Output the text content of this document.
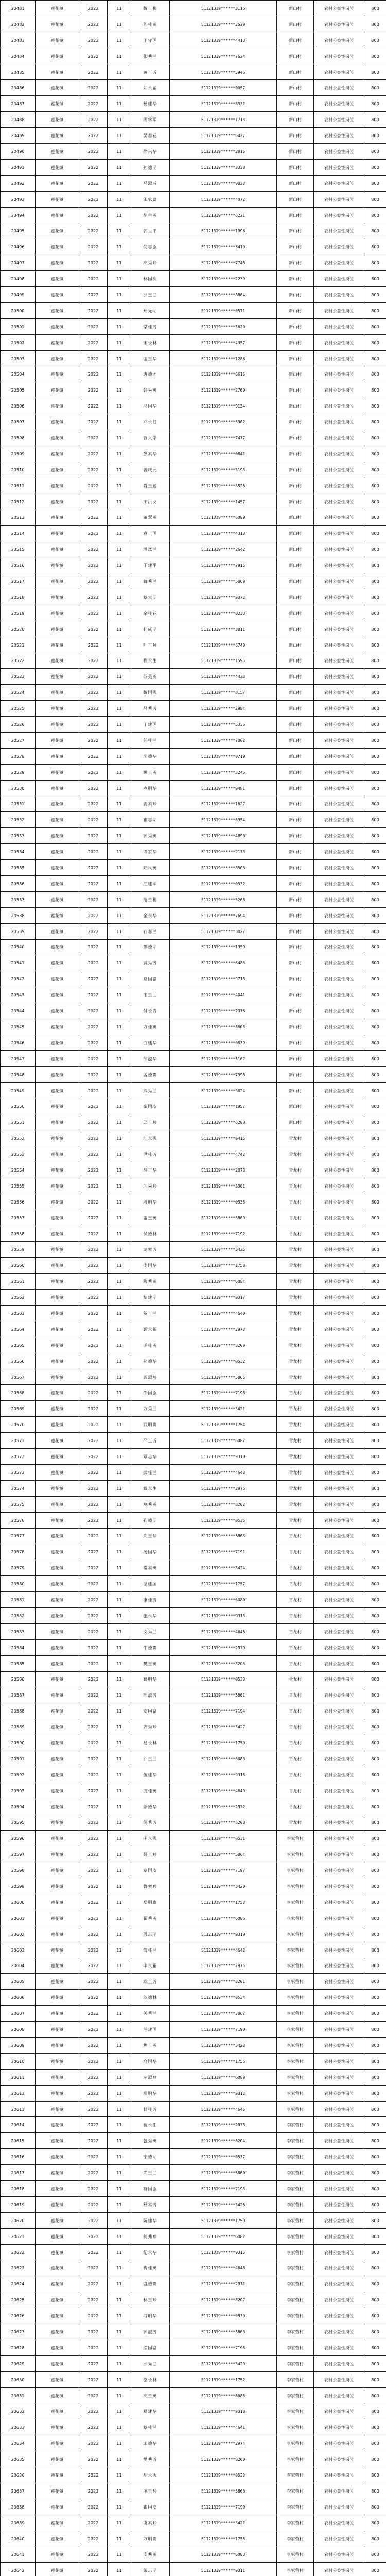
20481	莲花镇	2022	11	魏玉梅	51121319******3116	新山村	农村公益性岗位	800
20482	莲花镇	2022	11	陈桂英	51121319******2529	新山村	农村公益性岗位	800
20483	莲花镇	2022	11	王守国	51121319******4418	新山村	农村公益性岗位	800
20484	莲花镇	2022	11	张秀兰	51121319******7624	新山村	农村公益性岗位	800
20485	莲花镇	2022	11	黄玉芳	51121319******5946	新山村	农村公益性岗位	800
20486	莲花镇	2022	11	刘永福	51121319******0057	新山村	农村公益性岗位	800
20487	莲花镇	2022	11	杨建华	51121319******8332	新山村	农村公益性岗位	800
20488	莲花镇	2022	11	周学军	51121319******1713	新山村	农村公益性岗位	800
20489	莲花镇	2022	11	吴春花	51121319******6427	新山村	农村公益性岗位	800
20490	莲花镇	2022	11	徐兴华	51121319******2815	新山村	农村公益性岗位	800
20491	莲花镇	2022	11	孙德明	51121319******3338	新山村	农村公益性岗位	800
20492	莲花镇	2022	11	马淑芬	51121319******9023	新山村	农村公益性岗位	800
20493	莲花镇	2022	11	朱家富	51121319******4072	新山村	农村公益性岗位	800
20494	莲花镇	2022	11	胡兰英	51121319******6221	新山村	农村公益性岗位	800
20495	莲花镇	2022	11	郭世平	51121319******1996	新山村	农村公益性岗位	800
20496	莲花镇	2022	11	何志强	51121319******5410	新山村	农村公益性岗位	800
20497	莲花镇	2022	11	高秀珍	51121319******7748	新山村	农村公益性岗位	800
20498	莲花镇	2022	11	林国庆	51121319******2239	新山村	农村公益性岗位	800
20499	莲花镇	2022	11	罗玉兰	51121319******8864	新山村	农村公益性岗位	800
20500	莲花镇	2022	11	郑光明	51121319******0571	新山村	农村公益性岗位	800
20501	莲花镇	2022	11	梁桂芳	51121319******3620	新山村	农村公益性岗位	800
20502	莲花镇	2022	11	宋长林	51121319******4957	新山村	农村公益性岗位	800
20503	莲花镇	2022	11	谢玉华	51121319******1286	新山村	农村公益性岗位	800
20504	莲花镇	2022	11	唐德才	51121319******6615	新山村	农村公益性岗位	800
20505	莲花镇	2022	11	韩秀英	51121319******2760	新山村	农村公益性岗位	800
20506	莲花镇	2022	11	冯国华	51121319******9134	新山村	农村公益性岗位	800
20507	莲花镇	2022	11	邓永红	51121319******5302	新山村	农村公益性岗位	800
20508	莲花镇	2022	11	曹文学	51121319******7477	新山村	农村公益性岗位	800
20509	莲花镇	2022	11	彭素华	51121319******0841	新山村	农村公益性岗位	800
20510	莲花镇	2022	11	曾庆元	51121319******3193	新山村	农村公益性岗位	800
20511	莲花镇	2022	11	肖玉莲	51121319******8526	新山村	农村公益性岗位	800
20512	莲花镇	2022	11	田洪文	51121319******1457	新山村	农村公益性岗位	800
20513	莲花镇	2022	11	董翠英	51121319******6089	新山村	农村公益性岗位	800
20514	莲花镇	2022	11	袁正国	51121319******4318	新山村	农村公益性岗位	800
20515	莲花镇	2022	11	潘凤兰	51121319******2642	新山村	农村公益性岗位	800
20516	莲花镇	2022	11	于建平	51121319******7915	新山村	农村公益性岗位	800
20517	莲花镇	2022	11	蒋秀兰	51121319******5069	新山村	农村公益性岗位	800
20518	莲花镇	2022	11	蔡大明	51121319******9372	新山村	农村公益性岗位	800
20519	莲花镇	2022	11	余桂花	51121319******0238	新山村	农村公益性岗位	800
20520	莲花镇	2022	11	杜成明	51121319******3811	新山村	农村公益性岗位	800
20521	莲花镇	2022	11	叶玉珍	51121319******6740	新山村	农村公益性岗位	800
20522	莲花镇	2022	11	程永生	51121319******1595	新山村	农村公益性岗位	800
20523	莲花镇	2022	11	苏美英	51121319******4423	新山村	农村公益性岗位	800
20524	莲花镇	2022	11	魏国强	51121319******8157	新山村	农村公益性岗位	800
20525	莲花镇	2022	11	吕秀芳	51121319******2984	新山村	农村公益性岗位	800
20526	莲花镇	2022	11	丁建国	51121319******5336	新山村	农村公益性岗位	800
20527	莲花镇	2022	11	任桂兰	51121319******7062	新山村	农村公益性岗位	800
20528	莲花镇	2022	11	沈德华	51121319******0719	新山村	农村公益性岗位	800
20529	莲花镇	2022	11	姚玉英	51121319******3245	新山村	农村公益性岗位	800
20530	莲花镇	2022	11	卢明华	51121319******9481	新山村	农村公益性岗位	800
20531	莲花镇	2022	11	姜素珍	51121319******1627	新山村	农村公益性岗位	800
20532	莲花镇	2022	11	崔志明	51121319******6354	新山村	农村公益性岗位	800
20533	莲花镇	2022	11	钟秀英	51121319******4890	新山村	农村公益性岗位	800
20534	莲花镇	2022	11	谭家华	51121319******2173	新山村	农村公益性岗位	800
20535	莲花镇	2022	11	陆凤英	51121319******8506	新山村	农村公益性岗位	800
20536	莲花镇	2022	11	汪建军	51121319******0932	新山村	农村公益性岗位	800
20537	莲花镇	2022	11	范玉梅	51121319******5268	新山村	农村公益性岗位	800
20538	莲花镇	2022	11	金永华	51121319******7694	新山村	农村公益性岗位	800
20539	莲花镇	2022	11	石春兰	51121319******3027	新山村	农村公益性岗位	800
20540	莲花镇	2022	11	廖德明	51121319******1359	新山村	农村公益性岗位	800
20541	莲花镇	2022	11	贾秀芳	51121319******6485	新山村	农村公益性岗位	800
20542	莲花镇	2022	11	夏国富	51121319******9718	新山村	农村公益性岗位	800
20543	莲花镇	2022	11	韦玉兰	51121319******4041	新山村	农村公益性岗位	800
20544	莲花镇	2022	11	付长青	51121319******2376	新山村	农村公益性岗位	800
20545	莲花镇	2022	11	方桂英	51121319******8603	新山村	农村公益性岗位	800
20546	莲花镇	2022	11	白建华	51121319******0839	新山村	农村公益性岗位	800
20547	莲花镇	2022	11	邹淑华	51121319******5162	新山村	农村公益性岗位	800
20548	莲花镇	2022	11	孟德贵	51121319******7398	新山村	农村公益性岗位	800
20549	莲花镇	2022	11	熊秀兰	51121319******3624	新山村	农村公益性岗位	800
20550	莲花镇	2022	11	秦国安	51121319******1957	新山村	农村公益性岗位	800
20551	莲花镇	2022	11	邱玉珍	51121319******6280	新山村	农村公益性岗位	800
20552	莲花镇	2022	11	江永强	51121319******9415	青龙村	农村公益性岗位	800
20553	莲花镇	2022	11	尹桂芳	51121319******4742	青龙村	农村公益性岗位	800
20554	莲花镇	2022	11	薛正华	51121319******2078	青龙村	农村公益性岗位	800
20555	莲花镇	2022	11	闫秀珍	51121319******8301	青龙村	农村公益性岗位	800
20556	莲花镇	2022	11	段明华	51121319******0536	青龙村	农村公益性岗位	800
20557	莲花镇	2022	11	雷玉英	51121319******5869	青龙村	农村公益性岗位	800
20558	莲花镇	2022	11	侯德林	51121319******7192	青龙村	农村公益性岗位	800
20559	莲花镇	2022	11	龙素芳	51121319******3425	青龙村	农村公益性岗位	800
20560	莲花镇	2022	11	史国华	51121319******1758	青龙村	农村公益性岗位	800
20561	莲花镇	2022	11	陶秀英	51121319******6084	青龙村	农村公益性岗位	800
20562	莲花镇	2022	11	黎建明	51121319******9317	青龙村	农村公益性岗位	800
20563	莲花镇	2022	11	贺玉兰	51121319******4640	青龙村	农村公益性岗位	800
20564	莲花镇	2022	11	顾永福	51121319******2973	青龙村	农村公益性岗位	800
20565	莲花镇	2022	11	毛桂英	51121319******8209	青龙村	农村公益性岗位	800
20566	莲花镇	2022	11	郝德华	51121319******0532	青龙村	农村公益性岗位	800
20567	莲花镇	2022	11	龚淑珍	51121319******5865	青龙村	农村公益性岗位	800
20568	莲花镇	2022	11	邵国强	51121319******7198	青龙村	农村公益性岗位	800
20569	莲花镇	2022	11	万秀兰	51121319******3421	青龙村	农村公益性岗位	800
20570	莲花镇	2022	11	钱明贵	51121319******1754	青龙村	农村公益性岗位	800
20571	莲花镇	2022	11	严玉芳	51121319******6087	青龙村	农村公益性岗位	800
20572	莲花镇	2022	11	覃志华	51121319******9310	青龙村	农村公益性岗位	800
20573	莲花镇	2022	11	武桂兰	51121319******4643	青龙村	农村公益性岗位	800
20574	莲花镇	2022	11	戴永生	51121319******2976	青龙村	农村公益性岗位	800
20575	莲花镇	2022	11	莫秀英	51121319******8202	青龙村	农村公益性岗位	800
20576	莲花镇	2022	11	孔德明	51121319******0535	青龙村	农村公益性岗位	800
20577	莲花镇	2022	11	向玉珍	51121319******5868	青龙村	农村公益性岗位	800
20578	莲花镇	2022	11	汤国华	51121319******7191	青龙村	农村公益性岗位	800
20579	莲花镇	2022	11	常素英	51121319******3424	青龙村	农村公益性岗位	800
20580	莲花镇	2022	11	温建国	51121319******1757	青龙村	农村公益性岗位	800
20581	莲花镇	2022	11	康桂芳	51121319******6080	青龙村	农村公益性岗位	800
20582	莲花镇	2022	11	施永华	51121319******9313	青龙村	农村公益性岗位	800
20583	莲花镇	2022	11	文秀兰	51121319******4646	青龙村	农村公益性岗位	800
20584	莲花镇	2022	11	牛德贵	51121319******2979	青龙村	农村公益性岗位	800
20585	莲花镇	2022	11	樊玉英	51121319******8205	青龙村	农村公益性岗位	800
20586	莲花镇	2022	11	葛明华	51121319******0538	青龙村	农村公益性岗位	800
20587	莲花镇	2022	11	邢淑芳	51121319******5861	青龙村	农村公益性岗位	800
20588	莲花镇	2022	11	安国富	51121319******7194	青龙村	农村公益性岗位	800
20589	莲花镇	2022	11	齐秀珍	51121319******3427	青龙村	农村公益性岗位	800
20590	莲花镇	2022	11	易长林	51121319******1750	青龙村	农村公益性岗位	800
20591	莲花镇	2022	11	乔玉兰	51121319******6083	青龙村	农村公益性岗位	800
20592	莲花镇	2022	11	伍建华	51121319******9316	青龙村	农村公益性岗位	800
20593	莲花镇	2022	11	庞桂英	51121319******4649	青龙村	农村公益性岗位	800
20594	莲花镇	2022	11	颜德华	51121319******2972	青龙村	农村公益性岗位	800
20595	莲花镇	2022	11	倪秀芳	51121319******8208	青龙村	农村公益性岗位	800
20596	莲花镇	2022	11	庄永强	51121319******0531	李家营村	农村公益性岗位	800
20597	莲花镇	2022	11	聂玉珍	51121319******5864	李家营村	农村公益性岗位	800
20598	莲花镇	2022	11	章国安	51121319******7197	李家营村	农村公益性岗位	800
20599	莲花镇	2022	11	鲁素珍	51121319******3420	李家营村	农村公益性岗位	800
20600	莲花镇	2022	11	岳明贵	51121319******1753	李家营村	农村公益性岗位	800
20601	莲花镇	2022	11	翟秀英	51121319******6086	李家营村	农村公益性岗位	800
20602	莲花镇	2022	11	殷志明	51121319******9319	李家营村	农村公益性岗位	800
20603	莲花镇	2022	11	詹桂兰	51121319******4642	李家营村	农村公益性岗位	800
20604	莲花镇	2022	11	申永福	51121319******2975	李家营村	农村公益性岗位	800
20605	莲花镇	2022	11	欧玉芳	51121319******8201	李家营村	农村公益性岗位	800
20606	莲花镇	2022	11	耿德林	51121319******0534	李家营村	农村公益性岗位	800
20607	莲花镇	2022	11	关秀兰	51121319******5867	李家营村	农村公益性岗位	800
20608	莲花镇	2022	11	兰建国	51121319******7190	李家营村	农村公益性岗位	800
20609	莲花镇	2022	11	焦玉英	51121319******3423	李家营村	农村公益性岗位	800
20610	莲花镇	2022	11	俞国华	51121319******1756	李家营村	农村公益性岗位	800
20611	莲花镇	2022	11	左淑珍	51121319******6089	李家营村	农村公益性岗位	800
20612	莲花镇	2022	11	柳明华	51121319******9312	李家营村	农村公益性岗位	800
20613	莲花镇	2022	11	甘桂芳	51121319******4645	李家营村	农村公益性岗位	800
20614	莲花镇	2022	11	祝永生	51121319******2978	李家营村	农村公益性岗位	800
20615	莲花镇	2022	11	包秀英	51121319******8204	李家营村	农村公益性岗位	800
20616	莲花镇	2022	11	宁德明	51121319******0537	李家营村	农村公益性岗位	800
20617	莲花镇	2022	11	尚玉兰	51121319******5860	李家营村	农村公益性岗位	800
20618	莲花镇	2022	11	符国强	51121319******7193	李家营村	农村公益性岗位	800
20619	莲花镇	2022	11	舒素芳	51121319******3426	李家营村	农村公益性岗位	800
20620	莲花镇	2022	11	阮建华	51121319******1759	李家营村	农村公益性岗位	800
20621	莲花镇	2022	11	柯秀珍	51121319******6082	李家营村	农村公益性岗位	800
20622	莲花镇	2022	11	纪永华	51121319******9315	李家营村	农村公益性岗位	800
20623	莲花镇	2022	11	梅桂英	51121319******4648	李家营村	农村公益性岗位	800
20624	莲花镇	2022	11	盛德贵	51121319******2971	李家营村	农村公益性岗位	800
20625	莲花镇	2022	11	林玉珍	51121319******8207	李家营村	农村公益性岗位	800
20626	莲花镇	2022	11	刁明华	51121319******0530	李家营村	农村公益性岗位	800
20627	莲花镇	2022	11	钟淑芳	51121319******5863	李家营村	农村公益性岗位	800
20628	莲花镇	2022	11	徐国富	51121319******7196	李家营村	农村公益性岗位	800
20629	莲花镇	2022	11	邱秀兰	51121319******3429	李家营村	农村公益性岗位	800
20630	莲花镇	2022	11	骆长林	51121319******1752	李家营村	农村公益性岗位	800
20631	莲花镇	2022	11	高玉英	51121319******6085	李家营村	农村公益性岗位	800
20632	莲花镇	2022	11	夏建华	51121319******9318	李家营村	农村公益性岗位	800
20633	莲花镇	2022	11	蔡桂兰	51121319******4641	李家营村	农村公益性岗位	800
20634	莲花镇	2022	11	田德华	51121319******2974	李家营村	农村公益性岗位	800
20635	莲花镇	2022	11	樊秀芳	51121319******8200	李家营村	农村公益性岗位	800
20636	莲花镇	2022	11	胡永强	51121319******0533	李家营村	农村公益性岗位	800
20637	莲花镇	2022	11	凌玉珍	51121319******5866	李家营村	农村公益性岗位	800
20638	莲花镇	2022	11	霍国安	51121319******7199	李家营村	农村公益性岗位	800
20639	莲花镇	2022	11	虞素珍	51121319******3422	李家营村	农村公益性岗位	800
20640	莲花镇	2022	11	万明贵	51121319******1755	李家营村	农村公益性岗位	800
20641	莲花镇	2022	11	支秀英	51121319******6088	李家营村	农村公益性岗位	800
20642	莲花镇	2022	11	柴志明	51121319******9311	李家营村	农村公益性岗位	800
